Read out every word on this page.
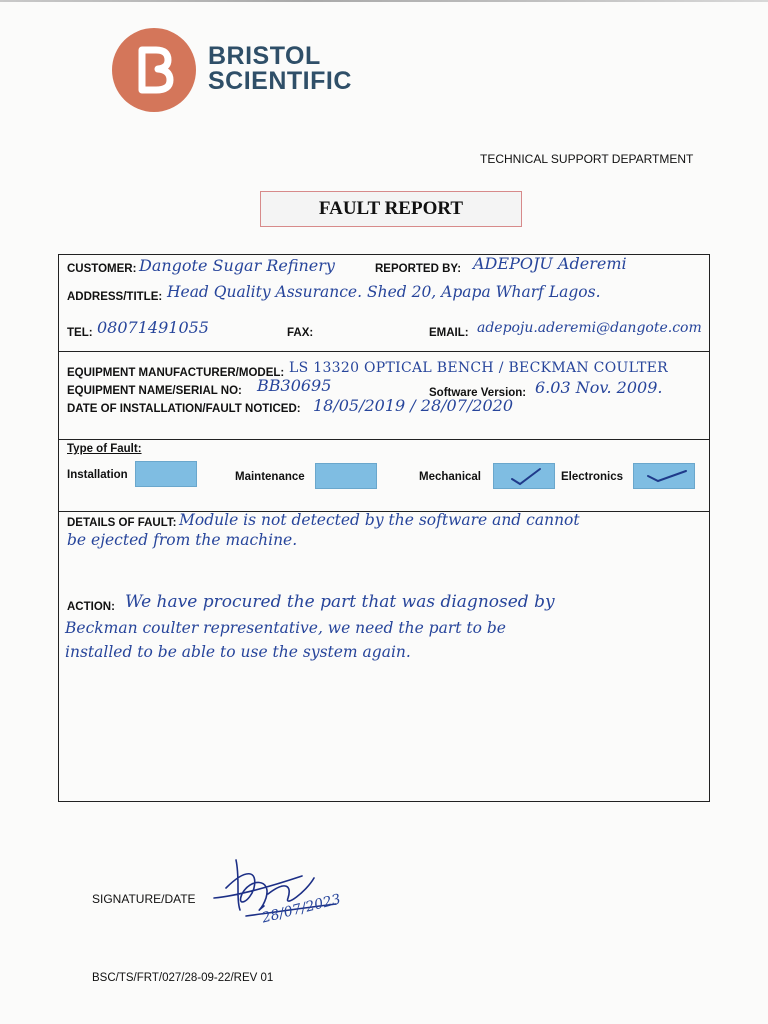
BRISTOL
SCIENTIFIC
TECHNICAL SUPPORT DEPARTMENT
FAULT REPORT
CUSTOMER: Dangote Sugar Refinery	REPORTED BY: ADEPOJU Aderemi
ADDRESS/TITLE: Head Quality Assurance. Shed 20, Apapa Wharf Lagos.
TEL: 08071491055	FAX:	EMAIL: adepoju.aderemi@dangote.com
EQUIPMENT MANUFACTURER/MODEL: LS 13320 OPTICAL BENCH / BECKMAN COULTER
EQUIPMENT NAME/SERIAL NO: BB30695	Software Version: 6.03 Nov. 2009.
DATE OF INSTALLATION/FAULT NOTICED: 18/05/2019 / 28/07/2020
Type of Fault:
Installation	Maintenance	Mechanical	Electronics
DETAILS OF FAULT: Module is not detected by the software and cannot
be ejected from the machine.
ACTION: We have procured the part that was diagnosed by
Beckman coulter representative, we need the part to be
installed to be able to use the system again.
SIGNATURE/DATE	28/07/2023
BSC/TS/FRT/027/28-09-22/REV 01
